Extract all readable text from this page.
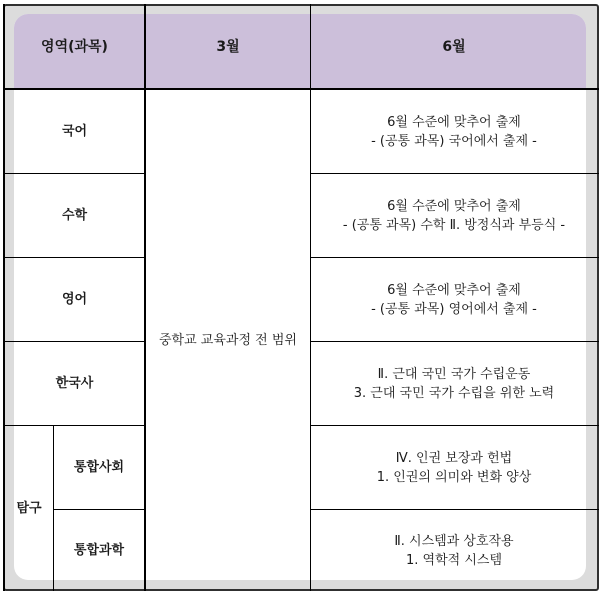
영역(과목)	3월	6월
국어
수학
영어
한국사
탐구
통합사회
통합과학
중학교 교육과정 전 범위
6월 수준에 맞추어 출제
- (공통 과목) 국어에서 출제 -
6월 수준에 맞추어 출제
- (공통 과목) 수학 Ⅱ. 방정식과 부등식 -
6월 수준에 맞추어 출제
- (공통 과목) 영어에서 출제 -
Ⅱ. 근대 국민 국가 수립운동
3. 근대 국민 국가 수립을 위한 노력
Ⅳ. 인권 보장과 헌법
1. 인권의 의미와 변화 양상
Ⅱ. 시스템과 상호작용
1. 역학적 시스템
